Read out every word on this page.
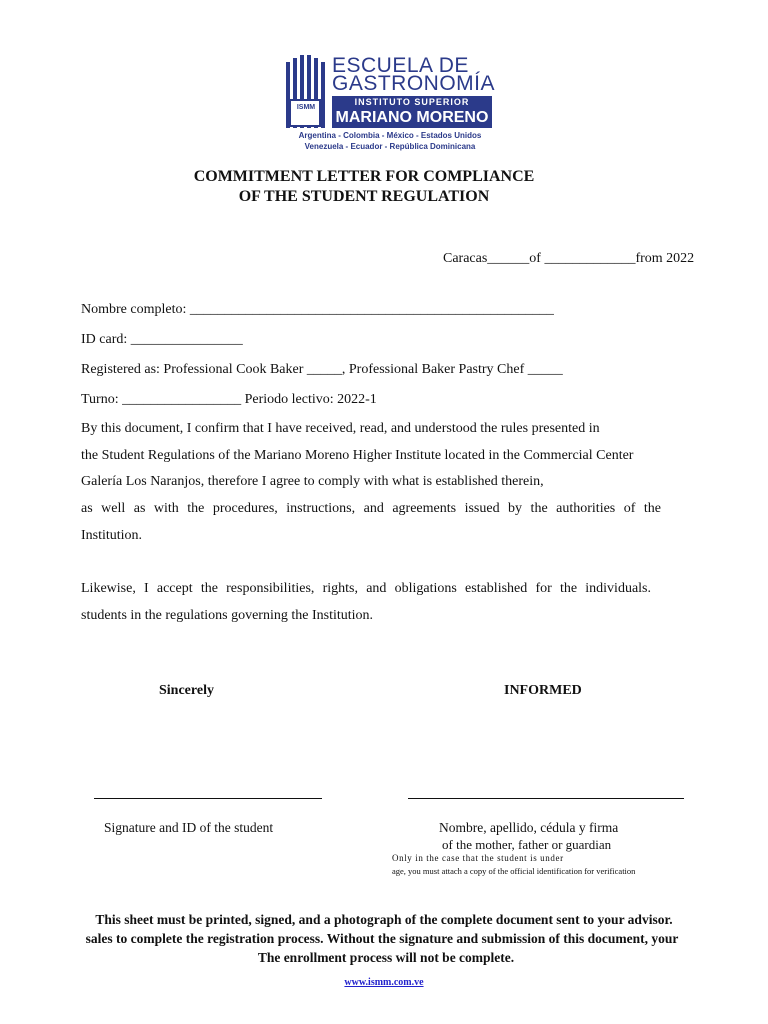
ISMM
ESCUELA DE
GASTRONOMÍA
INSTITUTO SUPERIOR
MARIANO MORENO
Argentina - Colombia - México - Estados Unidos
Venezuela - Ecuador - República Dominicana
COMMITMENT LETTER FOR COMPLIANCE
OF THE STUDENT REGULATION
Caracas______of _____________from 2022
Nombre completo: ____________________________________________________
ID card: ________________
Registered as: Professional Cook Baker _____, Professional Baker Pastry Chef _____
Turno: _________________ Periodo lectivo: 2022-1
By this document, I confirm that I have received, read, and understood the rules presented in
the Student Regulations of the Mariano Moreno Higher Institute located in the Commercial Center
Galería Los Naranjos, therefore I agree to comply with what is established therein,
as well as with the procedures, instructions, and agreements issued by the authorities of the
Institution.
Likewise, I accept the responsibilities, rights, and obligations established for the individuals.
students in the regulations governing the Institution.
Sincerely	INFORMED
Signature and ID of the student	Nombre, apellido, cédula y firma
of the mother, father or guardian
Only in the case that the student is under
age, you must attach a copy of the official identification for verification
This sheet must be printed, signed, and a photograph of the complete document sent to your advisor.
sales to complete the registration process. Without the signature and submission of this document, your
The enrollment process will not be complete.
www.ismm.com.ve
